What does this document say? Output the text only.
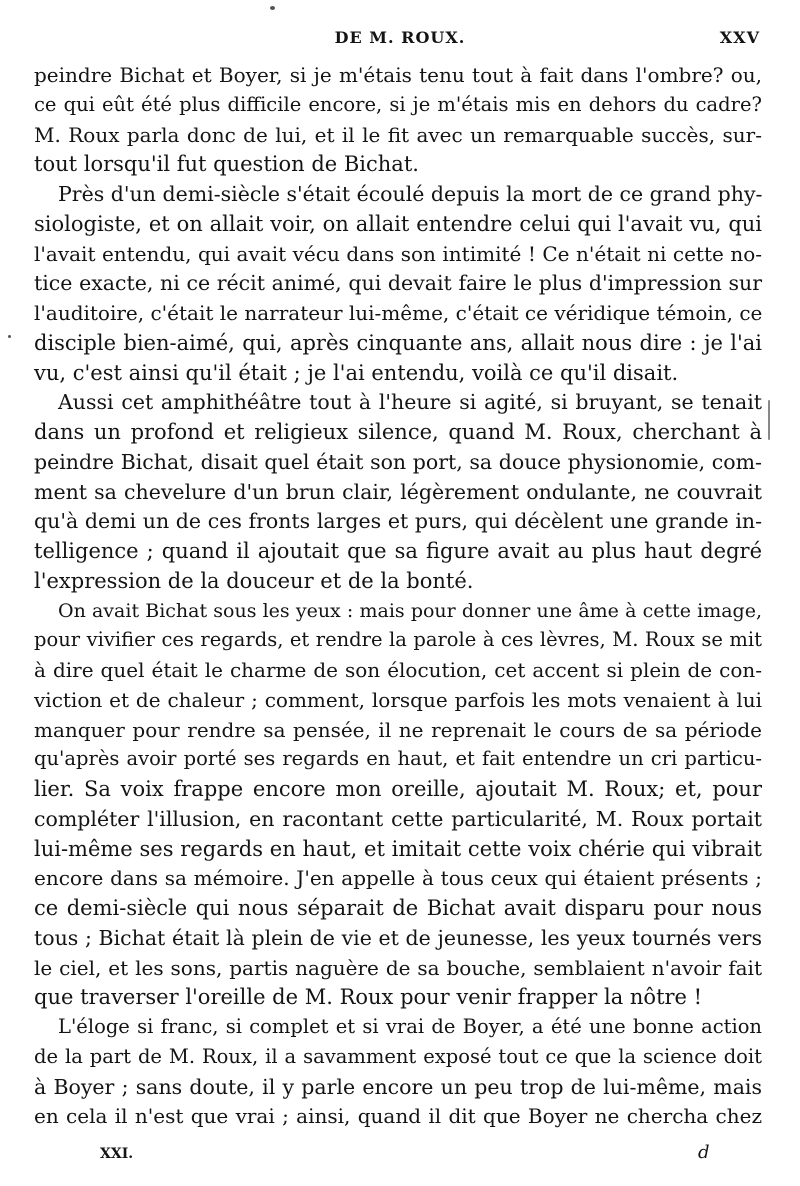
DE M. ROUX.	XXV

peindre Bichat et Boyer, si je m'étais tenu tout à fait dans l'ombre? ou,

ce qui eût été plus difficile encore, si je m'étais mis en dehors du cadre?

M. Roux parla donc de lui, et il le fit avec un remarquable succès, sur-

tout lorsqu'il fut question de Bichat.

Près d'un demi-siècle s'était écoulé depuis la mort de ce grand phy-

siologiste, et on allait voir, on allait entendre celui qui l'avait vu, qui

l'avait entendu, qui avait vécu dans son intimité ! Ce n'était ni cette no-

tice exacte, ni ce récit animé, qui devait faire le plus d'impression sur

l'auditoire, c'était le narrateur lui-même, c'était ce véridique témoin, ce

disciple bien-aimé, qui, après cinquante ans, allait nous dire : je l'ai

vu, c'est ainsi qu'il était ; je l'ai entendu, voilà ce qu'il disait.

Aussi cet amphithéâtre tout à l'heure si agité, si bruyant, se tenait

dans un profond et religieux silence, quand M. Roux, cherchant à

peindre Bichat, disait quel était son port, sa douce physionomie, com-

ment sa chevelure d'un brun clair, légèrement ondulante, ne couvrait

qu'à demi un de ces fronts larges et purs, qui décèlent une grande in-

telligence ; quand il ajoutait que sa figure avait au plus haut degré

l'expression de la douceur et de la bonté.

On avait Bichat sous les yeux : mais pour donner une âme à cette image,

pour vivifier ces regards, et rendre la parole à ces lèvres, M. Roux se mit

à dire quel était le charme de son élocution, cet accent si plein de con-

viction et de chaleur ; comment, lorsque parfois les mots venaient à lui

manquer pour rendre sa pensée, il ne reprenait le cours de sa période

qu'après avoir porté ses regards en haut, et fait entendre un cri particu-

lier. Sa voix frappe encore mon oreille, ajoutait M. Roux; et, pour

compléter l'illusion, en racontant cette particularité, M. Roux portait

lui-même ses regards en haut, et imitait cette voix chérie qui vibrait

encore dans sa mémoire. J'en appelle à tous ceux qui étaient présents ;

ce demi-siècle qui nous séparait de Bichat avait disparu pour nous

tous ; Bichat était là plein de vie et de jeunesse, les yeux tournés vers

le ciel, et les sons, partis naguère de sa bouche, semblaient n'avoir fait

que traverser l'oreille de M. Roux pour venir frapper la nôtre !

L'éloge si franc, si complet et si vrai de Boyer, a été une bonne action

de la part de M. Roux, il a savamment exposé tout ce que la science doit

à Boyer ; sans doute, il y parle encore un peu trop de lui-même, mais

en cela il n'est que vrai ; ainsi, quand il dit que Boyer ne chercha chez

XXI.	d
